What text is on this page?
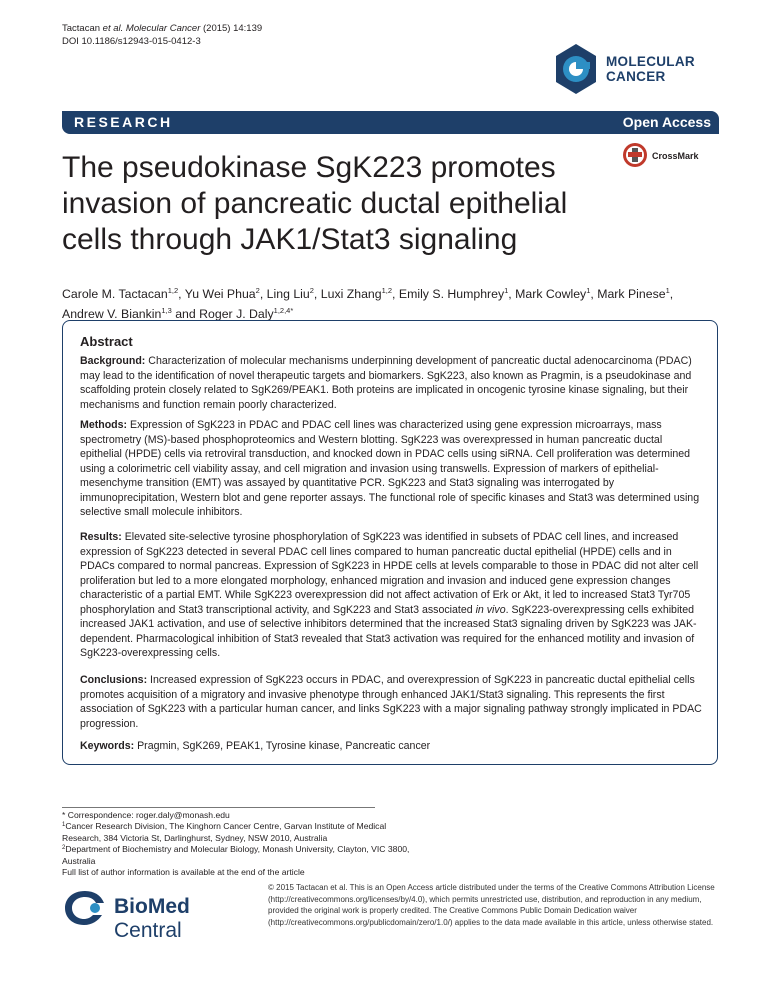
Tactacan et al. Molecular Cancer (2015) 14:139
DOI 10.1186/s12943-015-0412-3
MOLECULAR
CANCER
RESEARCH	Open Access
The pseudokinase SgK223 promotes invasion of pancreatic ductal epithelial cells through JAK1/Stat3 signaling
CrossMark
Carole M. Tactacan$^{1,2}$, Yu Wei Phua$^2$, Ling Liu$^2$, Luxi Zhang$^{1,2}$, Emily S. Humphrey$^1$, Mark Cowley$^1$, Mark Pinese$^1$,
Andrew V. Biankin$^{1,3}$ and Roger J. Daly$^{1,2,4*}$
Abstract

Background: Characterization of molecular mechanisms underpinning development of pancreatic ductal adenocarcinoma (PDAC) may lead to the identification of novel therapeutic targets and biomarkers. SgK223, also known as Pragmin, is a pseudokinase and scaffolding protein closely related to SgK269/PEAK1. Both proteins are implicated in oncogenic tyrosine kinase signaling, but their mechanisms and function remain poorly characterized.

Methods: Expression of SgK223 in PDAC and PDAC cell lines was characterized using gene expression microarrays, mass spectrometry (MS)-based phosphoproteomics and Western blotting. SgK223 was overexpressed in human pancreatic ductal epithelial (HPDE) cells via retroviral transduction, and knocked down in PDAC cells using siRNA. Cell proliferation was determined using a colorimetric cell viability assay, and cell migration and invasion using transwells. Expression of markers of epithelial-mesenchyme transition (EMT) was assayed by quantitative PCR. SgK223 and Stat3 signaling was interrogated by immunoprecipitation, Western blot and gene reporter assays. The functional role of specific kinases and Stat3 was determined using selective small molecule inhibitors.

Results: Elevated site-selective tyrosine phosphorylation of SgK223 was identified in subsets of PDAC cell lines, and increased expression of SgK223 detected in several PDAC cell lines compared to human pancreatic ductal epithelial (HPDE) cells and in PDACs compared to normal pancreas. Expression of SgK223 in HPDE cells at levels comparable to those in PDAC did not alter cell proliferation but led to a more elongated morphology, enhanced migration and invasion and induced gene expression changes characteristic of a partial EMT. While SgK223 overexpression did not affect activation of Erk or Akt, it led to increased Stat3 Tyr705 phosphorylation and Stat3 transcriptional activity, and SgK223 and Stat3 associated in vivo. SgK223-overexpressing cells exhibited increased JAK1 activation, and use of selective inhibitors determined that the increased Stat3 signaling driven by SgK223 was JAK-dependent. Pharmacological inhibition of Stat3 revealed that Stat3 activation was required for the enhanced motility and invasion of SgK223-overexpressing cells.

Conclusions: Increased expression of SgK223 occurs in PDAC, and overexpression of SgK223 in pancreatic ductal epithelial cells promotes acquisition of a migratory and invasive phenotype through enhanced JAK1/Stat3 signaling. This represents the first association of SgK223 with a particular human cancer, and links SgK223 with a major signaling pathway strongly implicated in PDAC progression.

Keywords: Pragmin, SgK269, PEAK1, Tyrosine kinase, Pancreatic cancer

* Correspondence: roger.daly@monash.edu
$^1$Cancer Research Division, The Kinghorn Cancer Centre, Garvan Institute of Medical Research, 384 Victoria St, Darlinghurst, Sydney, NSW 2010, Australia
$^2$Department of Biochemistry and Molecular Biology, Monash University, Clayton, VIC 3800, Australia
Full list of author information is available at the end of the article
BioMed Central
© 2015 Tactacan et al. This is an Open Access article distributed under the terms of the Creative Commons Attribution License (http://creativecommons.org/licenses/by/4.0), which permits unrestricted use, distribution, and reproduction in any medium, provided the original work is properly credited. The Creative Commons Public Domain Dedication waiver (http://creativecommons.org/publicdomain/zero/1.0/) applies to the data made available in this article, unless otherwise stated.
